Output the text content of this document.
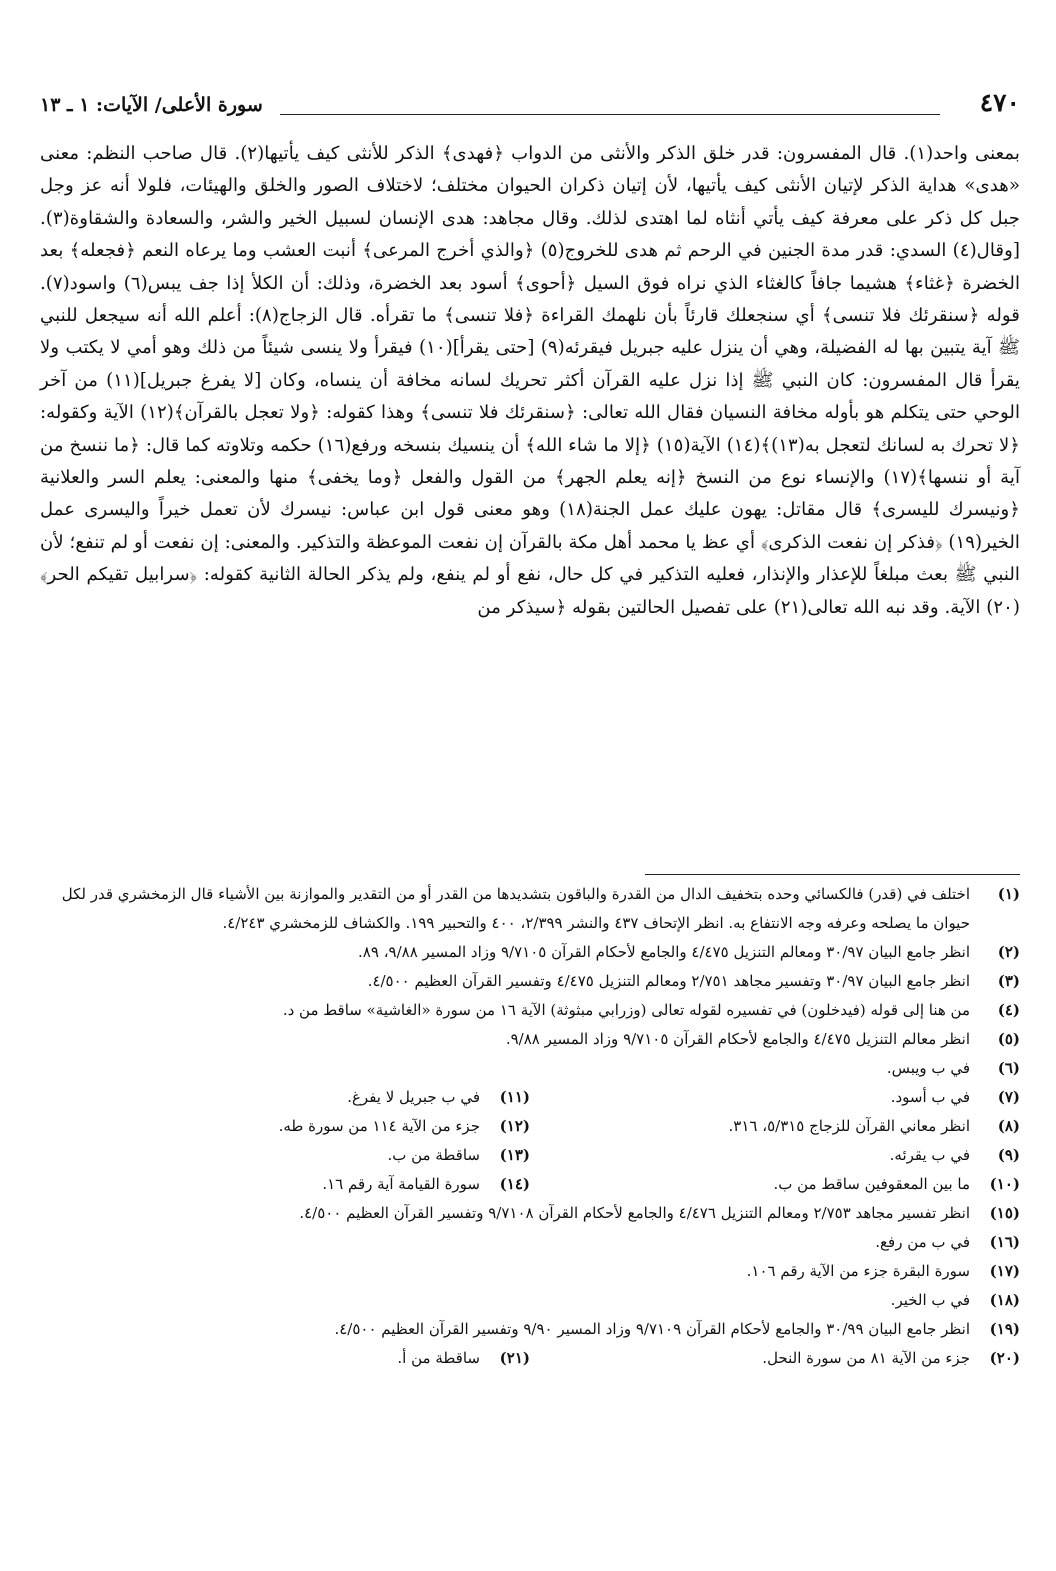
٤٧٠
سورة الأعلى/ الآيات: ١ ـ ١٣

بمعنى واحد(١). قال المفسرون: قدر خلق الذكر والأنثى من الدواب ﴿فهدى﴾ الذكر للأنثى كيف يأتيها(٢). قال صاحب النظم: معنى «هدى» هداية الذكر لإتيان الأنثى كيف يأتيها، لأن إتيان ذكران الحيوان مختلف؛ لاختلاف الصور والخلق والهيئات، فلولا أنه عز وجل جبل كل ذكر على معرفة كيف يأتي أنثاه لما اهتدى لذلك. وقال مجاهد: هدى الإنسان لسبيل الخير والشر، والسعادة والشقاوة(٣). [وقال(٤) السدي: قدر مدة الجنين في الرحم ثم هدى للخروج(٥) ﴿والذي أخرج المرعى﴾ أنبت العشب وما يرعاه النعم ﴿فجعله﴾ بعد الخضرة ﴿غثاء﴾ هشيما جافاً كالغثاء الذي نراه فوق السيل ﴿أحوى﴾ أسود بعد الخضرة، وذلك: أن الكلأ إذا جف يبس(٦) واسود(٧). قوله ﴿سنقرئك فلا تنسى﴾ أي سنجعلك قارئاً بأن نلهمك القراءة ﴿فلا تنسى﴾ ما تقرأه. قال الزجاج(٨): أعلم الله أنه سيجعل للنبي ﷺ آية يتبين بها له الفضيلة، وهي أن ينزل عليه جبريل فيقرئه(٩) [حتى يقرأ](١٠) فيقرأ ولا ينسى شيئاً من ذلك وهو أمي لا يكتب ولا يقرأ قال المفسرون: كان النبي ﷺ إذا نزل عليه القرآن أكثر تحريك لسانه مخافة أن ينساه، وكان [لا يفرغ جبريل](١١) من آخر الوحي حتى يتكلم هو بأوله مخافة النسيان فقال الله تعالى: ﴿سنقرئك فلا تنسى﴾ وهذا كقوله: ﴿ولا تعجل بالقرآن﴾(١٢) الآية وكقوله: ﴿لا تحرك به لسانك لتعجل به(١٣)﴾(١٤) الآية(١٥) ﴿إلا ما شاء الله﴾ أن ينسيك بنسخه ورفع(١٦) حكمه وتلاوته كما قال: ﴿ما ننسخ من آية أو ننسها﴾(١٧) والإنساء نوع من النسخ ﴿إنه يعلم الجهر﴾ من القول والفعل ﴿وما يخفى﴾ منها والمعنى: يعلم السر والعلانية ﴿ونيسرك لليسرى﴾ قال مقاتل: يهون عليك عمل الجنة(١٨) وهو معنى قول ابن عباس: نيسرك لأن تعمل خيراً واليسرى عمل الخير(١٩) ﴿فذكر إن نفعت الذكرى﴾ أي عظ يا محمد أهل مكة بالقرآن إن نفعت الموعظة والتذكير. والمعنى: إن نفعت أو لم تنفع؛ لأن النبي ﷺ بعث مبلغاً للإعذار والإنذار، فعليه التذكير في كل حال، نفع أو لم ينفع، ولم يذكر الحالة الثانية كقوله: ﴿سرابيل تقيكم الحر﴾(٢٠) الآية. وقد نبه الله تعالى(٢١) على تفصيل الحالتين بقوله ﴿سيذكر من

(١)
اختلف في (قدر) فالكسائي وحده بتخفيف الدال من القدرة والباقون بتشديدها من القدر أو من التقدير والموازنة بين الأشياء قال الزمخشري قدر لكل حيوان ما يصلحه وعرفه وجه الانتفاع به. انظر الإتحاف ٤٣٧ والنشر ٢/٣٩٩، ٤٠٠ والتحبير ١٩٩. والكشاف للزمخشري ٤/٢٤٣.

(٢)
انظر جامع البيان ٣٠/٩٧ ومعالم التنزيل ٤/٤٧٥ والجامع لأحكام القرآن ٩/٧١٠٥ وزاد المسير ٩/٨٨، ٨٩.

(٣)
انظر جامع البيان ٣٠/٩٧ وتفسير مجاهد ٢/٧٥١ ومعالم التنزيل ٤/٤٧٥ وتفسير القرآن العظيم ٤/٥٠٠.

(٤)
من هنا إلى قوله (فيدخلون) في تفسيره لقوله تعالى (وزرابي مبثوثة) الآية ١٦ من سورة «الغاشية» ساقط من د.

(٥)
انظر معالم التنزيل ٤/٤٧٥ والجامع لأحكام القرآن ٩/٧١٠٥ وزاد المسير ٩/٨٨.

(٦)
في ب ويبس.

(٧)
في ب أسود.
(١١)
في ب جبريل لا يفرغ.
(٨)
انظر معاني القرآن للزجاج ٥/٣١٥، ٣١٦.
(١٢)
جزء من الآية ١١٤ من سورة طه.
(٩)
في ب يقرئه.
(١٣)
ساقطة من ب.
(١٠)
ما بين المعقوفين ساقط من ب.
(١٤)
سورة القيامة آية رقم ١٦.

(١٥)
انظر تفسير مجاهد ٢/٧٥٣ ومعالم التنزيل ٤/٤٧٦ والجامع لأحكام القرآن ٩/٧١٠٨ وتفسير القرآن العظيم ٤/٥٠٠.

(١٦)
في ب من رفع.

(١٧)
سورة البقرة جزء من الآية رقم ١٠٦.

(١٨)
في ب الخير.

(١٩)
انظر جامع البيان ٣٠/٩٩ والجامع لأحكام القرآن ٩/٧١٠٩ وزاد المسير ٩/٩٠ وتفسير القرآن العظيم ٤/٥٠٠.

(٢٠)
جزء من الآية ٨١ من سورة النحل.
(٢١)
ساقطة من أ.
